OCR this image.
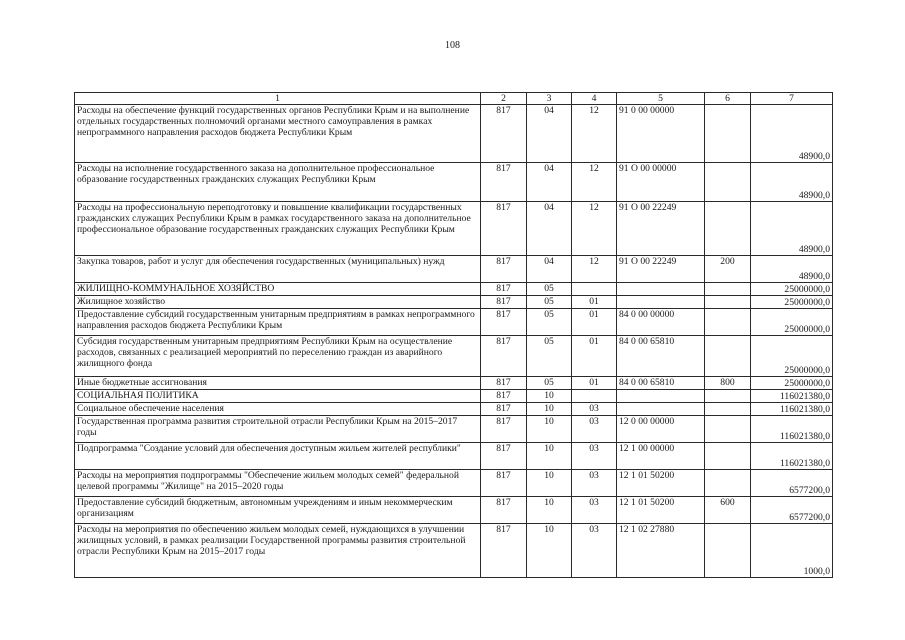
108
1	2	3	4	5	6	7
Расходы на обеспечение функций государственных органов Республики Крым и на выполнение отдельных государственных полномочий органами местного самоуправления в рамках непрограммного направления расходов бюджета Республики Крым	817	04	12	91 0 00 00000		48900,0
Расходы на исполнение государственного заказа на дополнительное профессиональное образование государственных гражданских служащих Республики Крым	817	04	12	91 О 00 00000		48900,0
Расходы на профессиональную переподготовку и повышение квалификации государственных гражданских служащих Республики Крым в рамках государственного заказа на дополнительное профессиональное образование государственных гражданских служащих Республики Крым	817	04	12	91 О 00 22249		48900,0
Закупка товаров, работ и услуг для обеспечения государственных (муниципальных) нужд	817	04	12	91 О 00 22249	200	48900,0
ЖИЛИЩНО-КОММУНАЛЬНОЕ ХОЗЯЙСТВО	817	05				25000000,0
Жилищное хозяйство	817	05	01			25000000,0
Предоставление субсидий государственным унитарным предприятиям в рамках непрограммного направления расходов бюджета Республики Крым	817	05	01	84 0 00 00000		25000000,0
Субсидия государственным унитарным предприятиям Республики Крым на осуществление расходов, связанных с реализацией мероприятий по переселению граждан из аварийного жилищного фонда	817	05	01	84 0 00 65810		25000000,0
Иные бюджетные ассигнования	817	05	01	84 0 00 65810	800	25000000,0
СОЦИАЛЬНАЯ ПОЛИТИКА	817	10				116021380,0
Социальное обеспечение населения	817	10	03			116021380,0
Государственная программа развития строительной отрасли Республики Крым на 2015–2017 годы	817	10	03	12 0 00 00000		116021380,0
Подпрограмма "Создание условий для обеспечения доступным жильем жителей республики"	817	10	03	12 1 00 00000		116021380,0
Расходы на мероприятия подпрограммы "Обеспечение жильем молодых семей" федеральной целевой программы "Жилище" на 2015–2020 годы	817	10	03	12 1 01 50200		6577200,0
Предоставление субсидий бюджетным, автономным учреждениям и иным некоммерческим организациям	817	10	03	12 1 01 50200	600	6577200,0
Расходы на мероприятия по обеспечению жильем молодых семей, нуждающихся в улучшении жилищных условий, в рамках реализации Государственной программы развития строительной отрасли Республики Крым на 2015–2017 годы	817	10	03	12 1 02 27880		1000,0
